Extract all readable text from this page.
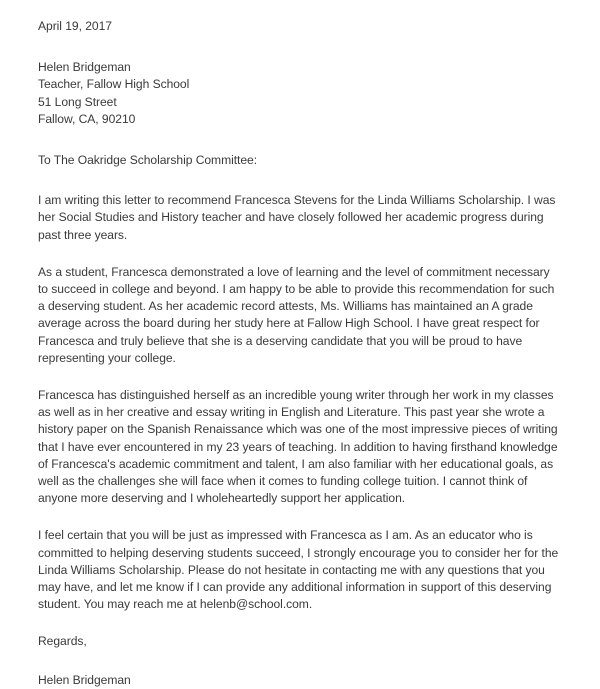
April 19, 2017

Helen Bridgeman

Teacher, Fallow High School

51 Long Street

Fallow, CA, 90210

To The Oakridge Scholarship Committee:

I am writing this letter to recommend Francesca Stevens for the Linda Williams Scholarship. I was her Social Studies and History teacher and have closely followed her academic progress during past three years.

As a student, Francesca demonstrated a love of learning and the level of commitment necessary to succeed in college and beyond. I am happy to be able to provide this recommendation for such a deserving student. As her academic record attests, Ms. Williams has maintained an A grade average across the board during her study here at Fallow High School. I have great respect for Francesca and truly believe that she is a deserving candidate that you will be proud to have representing your college.

Francesca has distinguished herself as an incredible young writer through her work in my classes as well as in her creative and essay writing in English and Literature. This past year she wrote a history paper on the Spanish Renaissance which was one of the most impressive pieces of writing that I have ever encountered in my 23 years of teaching. In addition to having firsthand knowledge of Francesca's academic commitment and talent, I am also familiar with her educational goals, as well as the challenges she will face when it comes to funding college tuition. I cannot think of anyone more deserving and I wholeheartedly support her application.

I feel certain that you will be just as impressed with Francesca as I am. As an educator who is committed to helping deserving students succeed, I strongly encourage you to consider her for the Linda Williams Scholarship. Please do not hesitate in contacting me with any questions that you may have, and let me know if I can provide any additional information in support of this deserving student. You may reach me at helenb@school.com.

Regards,

Helen Bridgeman
